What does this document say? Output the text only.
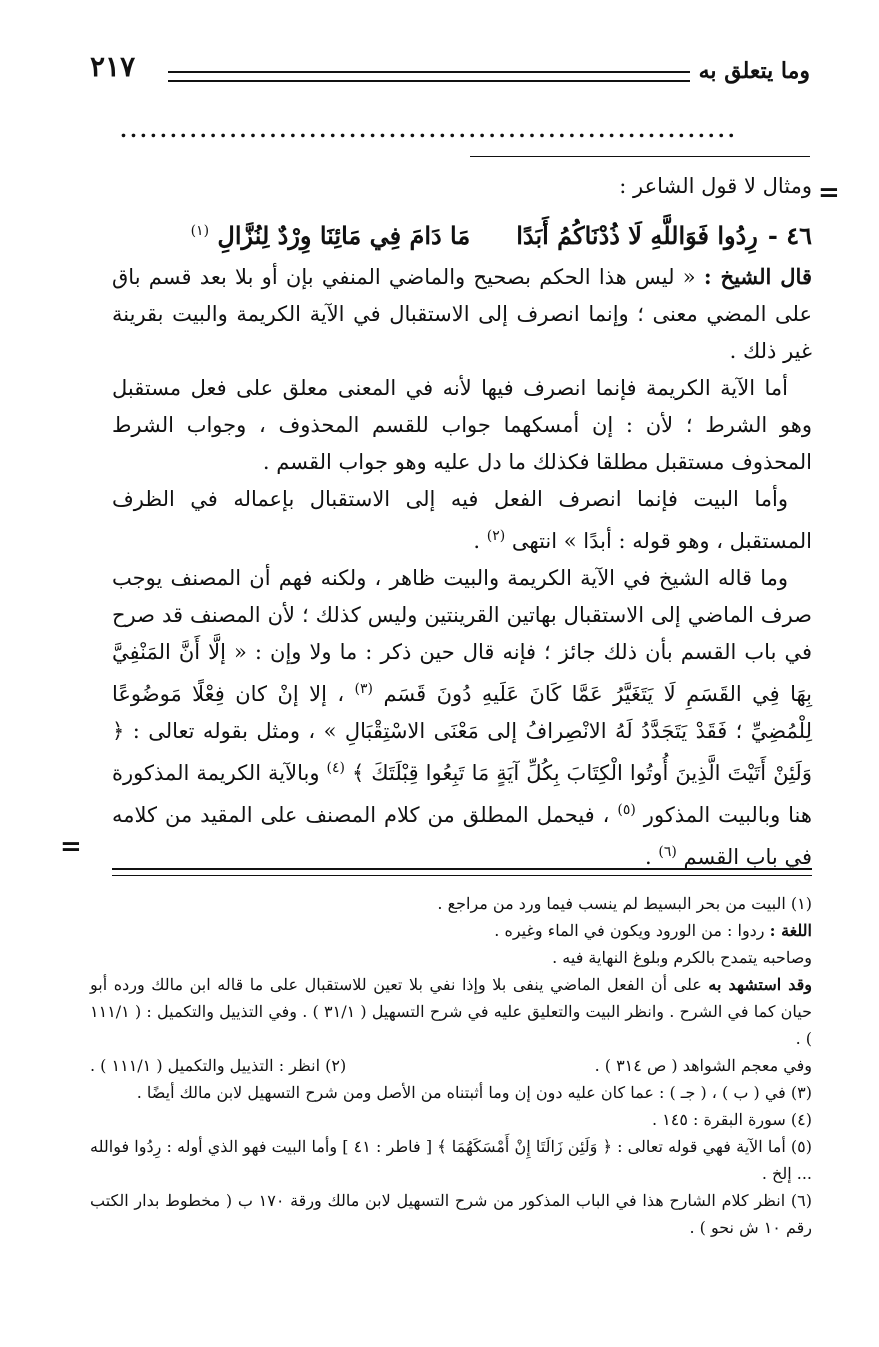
وما يتعلق به
٢١٧
..............................................................
=

ومثال لا قول الشاعر :

٤٦ -رِدُوا فَوَاللَّهِ لَا ذُدْنَاكُمُ أَبَدًامَا دَامَ فِي مَائِنَا وِرْدٌ لِنُزَّالِ $^{(١)}$

قال الشيخ : « ليس هذا الحكم بصحيح والماضي المنفي بإن أو بلا بعد قسم باق على المضي معنى ؛ وإنما انصرف إلى الاستقبال في الآية الكريمة والبيت بقرينة غير ذلك .

أما الآية الكريمة فإنما انصرف فيها لأنه في المعنى معلق على فعل مستقبل وهو الشرط ؛ لأن : إن أمسكهما جواب للقسم المحذوف ، وجواب الشرط المحذوف مستقبل مطلقا فكذلك ما دل عليه وهو جواب القسم .

وأما البيت فإنما انصرف الفعل فيه إلى الاستقبال بإعماله في الظرف المستقبل ، وهو قوله : أبدًا » انتهى $^{(٢)}$ .

وما قاله الشيخ في الآية الكريمة والبيت ظاهر ، ولكنه فهم أن المصنف يوجب صرف الماضي إلى الاستقبال بهاتين القرينتين وليس كذلك ؛ لأن المصنف قد صرح في باب القسم بأن ذلك جائز ؛ فإنه قال حين ذكر : ما ولا وإن : « إلَّا أَنَّ المَنْفِيَّ بِهَا فِي القَسَمِ لَا يَتَغَيَّرُ عَمَّا كَانَ عَلَيهِ دُونَ قَسَم $^{(٣)}$ ، إلا إنْ كان فِعْلًا مَوضُوعًا لِلْمُضِيِّ ؛ فَقَدْ يَتَجَدَّدُ لَهُ الانْصِرافُ إلى مَعْنَى الاسْتِقْبَالِ » ، ومثل بقوله تعالى : ﴿ وَلَئِنْ أَتَيْتَ الَّذِينَ أُوتُوا الْكِتَابَ بِكُلِّ آيَةٍ مَا تَبِعُوا قِبْلَتَكَ ﴾ $^{(٤)}$ وبالآية الكريمة المذكورة هنا وبالبيت المذكور $^{(٥)}$ ، فيحمل المطلق من كلام المصنف على المقيد من كلامه في باب القسم $^{(٦)}$ .

=

(١) البيت من بحر البسيط لم ينسب فيما ورد من مراجع .

اللغة : ردوا : من الورود ويكون في الماء وغيره .

وصاحبه يتمدح بالكرم وبلوغ النهاية فيه .

وقد استشهد به على أن الفعل الماضي ينفى بلا وإذا نفي بلا تعين للاستقبال على ما قاله ابن مالك ورده أبو حيان كما في الشرح . وانظر البيت والتعليق عليه في شرح التسهيل ( ٣١/١ ) . وفي التذييل والتكميل : ( ١١١/١ ) .

وفي معجم الشواهد ( ص ٣١٤ ) .
(٢) انظر : التذييل والتكميل ( ١١١/١ ) .

(٣) في ( ب ) ، ( جـ ) : عما كان عليه دون إن وما أثبتناه من الأصل ومن شرح التسهيل لابن مالك أيضًا .

(٤) سورة البقرة : ١٤٥ .

(٥) أما الآية فهي قوله تعالى : ﴿ وَلَئِن زَالَتَا إِنْ أَمْسَكَهُمَا ﴾ [ فاطر : ٤١ ] وأما البيت فهو الذي أوله : رِدُوا فوالله ... إلخ .

(٦) انظر كلام الشارح هذا في الباب المذكور من شرح التسهيل لابن مالك ورقة ١٧٠ ب ( مخطوط بدار الكتب رقم ١٠ ش نحو ) .
